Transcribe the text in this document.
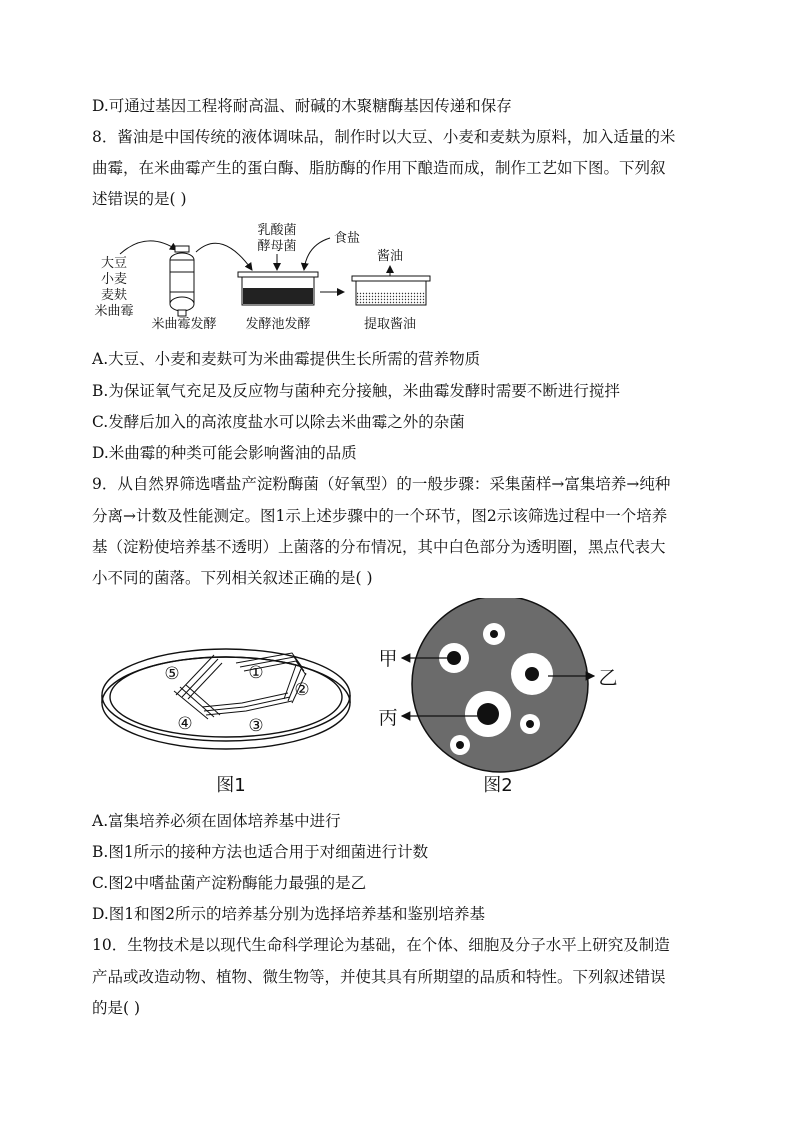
D.可通过基因工程将耐高温、耐碱的木聚糖酶基因传递和保存
8．酱油是中国传统的液体调味品，制作时以大豆、小麦和麦麸为原料，加入适量的米
曲霉，在米曲霉产生的蛋白酶、脂肪酶的作用下酿造而成，制作工艺如下图。下列叙
述错误的是( )
大豆
小麦
麦麸
米曲霉
米曲霉发酵
乳酸菌
酵母菌
食盐
发酵池发酵
酱油
提取酱油
A.大豆、小麦和麦麸可为米曲霉提供生长所需的营养物质
B.为保证氧气充足及反应物与菌种充分接触，米曲霉发酵时需要不断进行搅拌
C.发酵后加入的高浓度盐水可以除去米曲霉之外的杂菌
D.米曲霉的种类可能会影响酱油的品质
9．从自然界筛选嗜盐产淀粉酶菌（好氧型）的一般步骤：采集菌样→富集培养→纯种
分离→计数及性能测定。图1示上述步骤中的一个环节，图2示该筛选过程中一个培养
基（淀粉使培养基不透明）上菌落的分布情况，其中白色部分为透明圈，黑点代表大
小不同的菌落。下列相关叙述正确的是( )
①
②
③
④
⑤
图1
甲
乙
丙
图2
A.富集培养必须在固体培养基中进行
B.图1所示的接种方法也适合用于对细菌进行计数
C.图2中嗜盐菌产淀粉酶能力最强的是乙
D.图1和图2所示的培养基分别为选择培养基和鉴别培养基
10．生物技术是以现代生命科学理论为基础，在个体、细胞及分子水平上研究及制造
产品或改造动物、植物、微生物等，并使其具有所期望的品质和特性。下列叙述错误
的是( )
